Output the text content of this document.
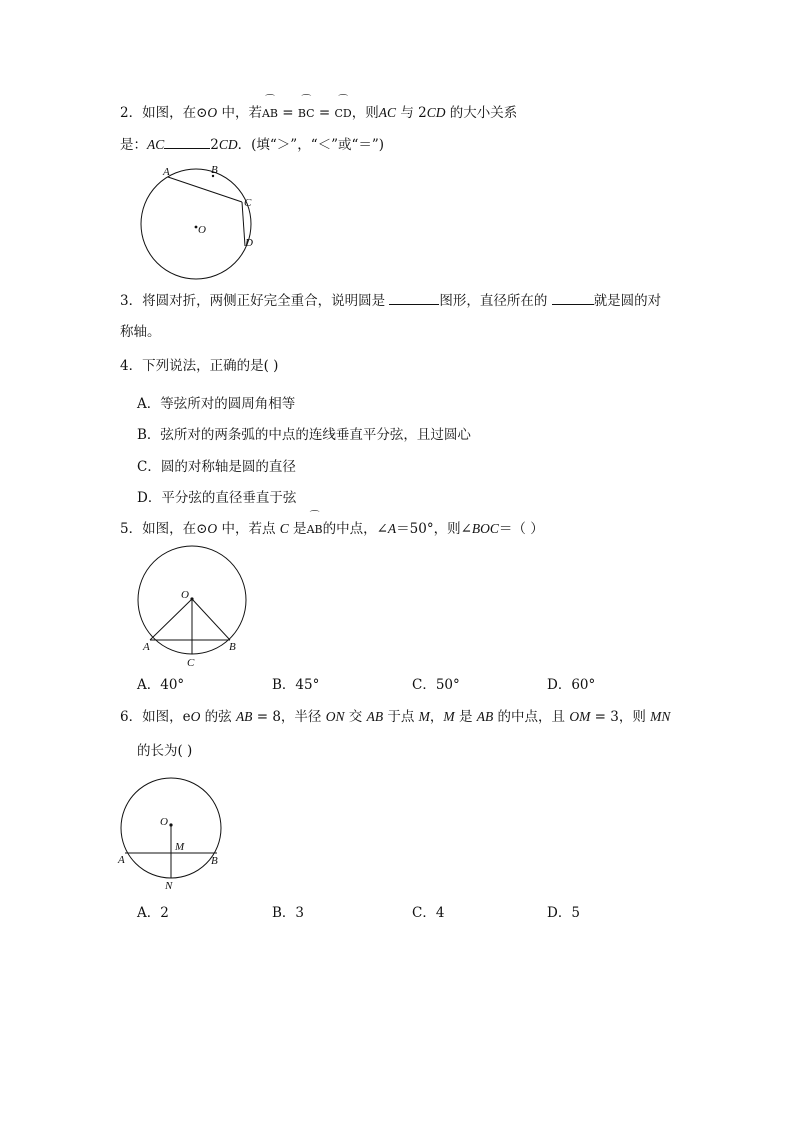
2．如图，在⊙O 中，若⌒ AB = ⌒ BC = ⌒ CD，则AC 与 2CD 的大小关系
是：AC	2CD．(填“＞”，“＜”或“＝”)
A	B
C
D
O
3．将圆对折，两侧正好完全重合，说明圆是	图形，直径所在的	就是圆的对
称轴。
4．下列说法，正确的是( )
A．等弦所对的圆周角相等
B．弦所对的两条弧的中点的连线垂直平分弦，且过圆心
C．圆的对称轴是圆的直径
D．平分弦的直径垂直于弦
5．如图，在⊙O 中，若点 C 是⌒ AB的中点，∠A＝50°，则∠BOC＝（ ）
O
A	B
C
A．40°	B．45°	C．50°	D．60°
6．如图，eO 的弦 AB = 8，半径 ON 交 AB 于点 M，M 是 AB 的中点，且 OM = 3，则 MN
的长为( )
O
M
A	B
N
A．2	B．3	C．4	D．5
